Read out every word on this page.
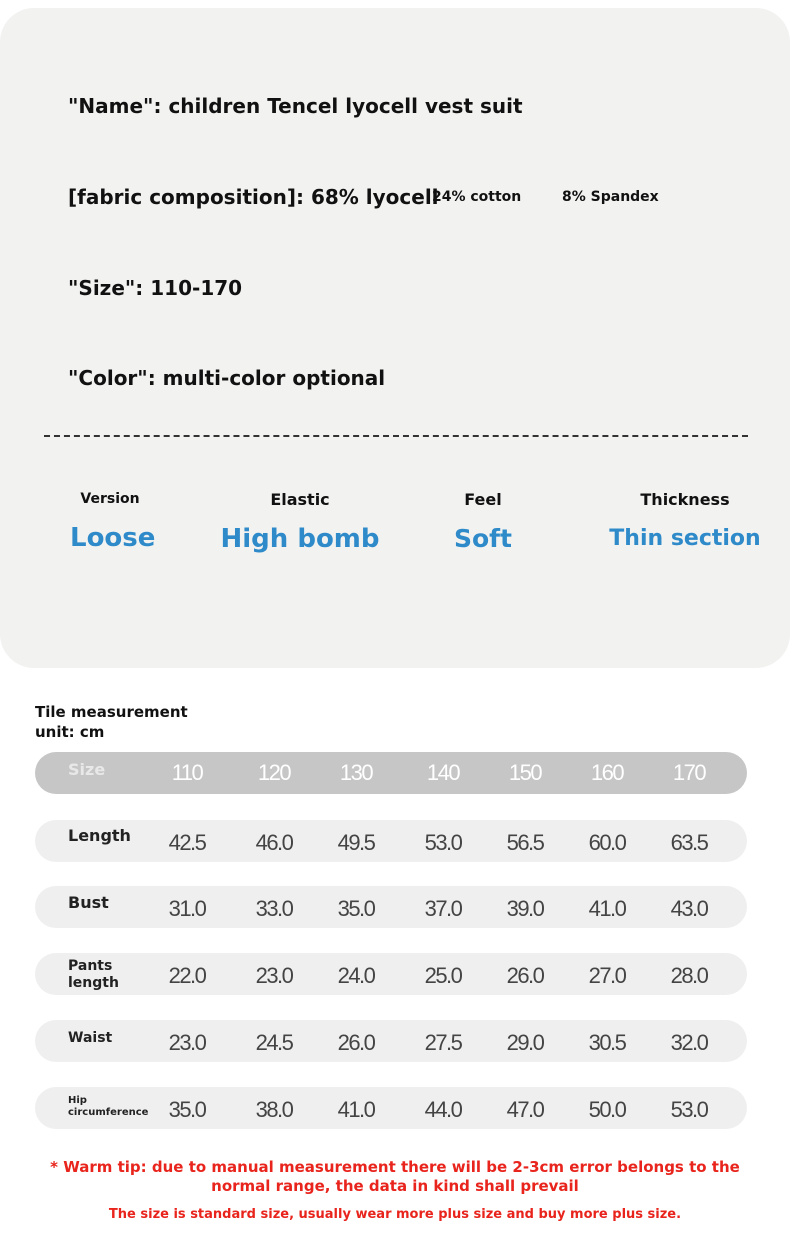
"Name": children Tencel lyocell vest suit
[fabric composition]: 68% lyocell
24% cotton	8% Spandex
"Size": 110-170
"Color": multi-color optional
Version
Loose
Elastic
High bomb
Feel
Soft
Thickness
Thin section
Tile measurement
unit: cm
Size	110	120	130	140	150	160	170
Length	42.5	46.0	49.5	53.0	56.5	60.0	63.5
Bust	31.0	33.0	35.0	37.0	39.0	41.0	43.0
Pants
length	22.0	23.0	24.0	25.0	26.0	27.0	28.0
Waist	23.0	24.5	26.0	27.5	29.0	30.5	32.0
Hip
circumference 35.0	38.0	41.0	44.0	47.0	50.0	53.0
* Warm tip: due to manual measurement there will be 2-3cm error belongs to the
normal range, the data in kind shall prevail
The size is standard size, usually wear more plus size and buy more plus size.
